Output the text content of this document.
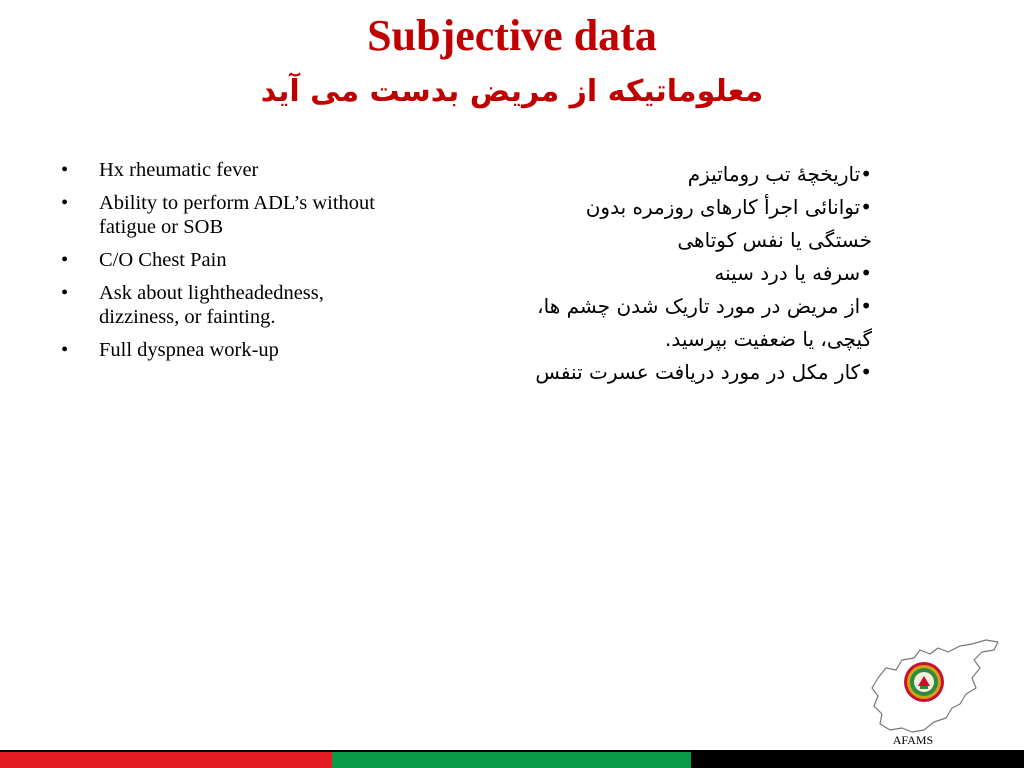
Subjective data
معلوماتیکه از مریض بدست می آید
• Hx rheumatic fever
• Ability to perform ADL’s without fatigue or SOB
• C/O Chest Pain
• Ask about lightheadedness, dizziness, or fainting.
• Full dyspnea work-up
•تاریخچۀ تب روماتیزم
•توانائی اجرأ کارهای روزمره بدون خستگی یا نفس کوتاهی
•سرفه یا درد سینه
•از مریض در مورد تاریک شدن چشم ها، گیچی، یا ضعفیت بپرسید.
•کار مکل در مورد دریافت عسرت تنفس
AFAMS
